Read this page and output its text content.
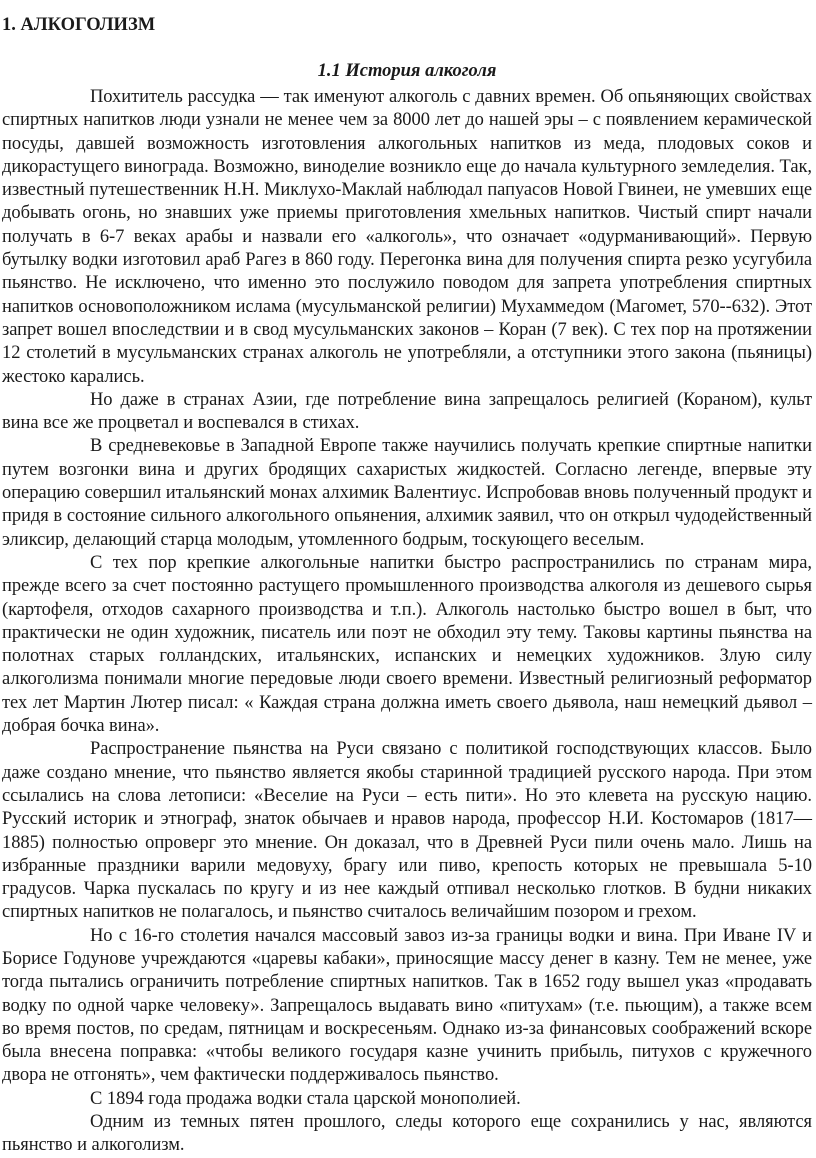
1. АЛКОГОЛИЗМ
1.1 История алкоголя

Похититель рассудка — так именуют алкоголь с давних времен. Об опьяняющих свойствах спиртных напитков люди узнали не менее чем за 8000 лет до нашей эры – с появлением керамической посуды, давшей возможность изготовления алкогольных напитков из меда, плодовых соков и дикорастущего винограда. Возможно, виноделие возникло еще до начала культурного земледелия. Так, известный путешественник Н.Н. Миклухо-Маклай наблюдал папуасов Новой Гвинеи, не умевших еще добывать огонь, но знавших уже приемы приготовления хмельных напитков. Чистый спирт начали получать в 6-7 веках арабы и назвали его «алкоголь», что означает «одурманивающий». Первую бутылку водки изготовил араб Рагез в 860 году. Перегонка вина для получения спирта резко усугубила пьянство. Не исключено, что именно это послужило поводом для запрета употребления спиртных напитков основоположником ислама (мусульманской религии) Мухаммедом (Магомет, 570--632). Этот запрет вошел впоследствии и в свод мусульманских законов – Коран (7 век). С тех пор на протяжении 12 столетий в мусульманских странах алкоголь не употребляли, а отступники этого закона (пьяницы) жестоко карались.

Но даже в странах Азии, где потребление вина запрещалось религией (Кораном), культ вина все же процветал и воспевался в стихах.

В средневековье в Западной Европе также научились получать крепкие спиртные напитки путем возгонки вина и других бродящих сахаристых жидкостей. Согласно легенде, впервые эту операцию совершил итальянский монах алхимик Валентиус. Испробовав вновь полученный продукт и придя в состояние сильного алкогольного опьянения, алхимик заявил, что он открыл чудодейственный эликсир, делающий старца молодым, утомленного бодрым, тоскующего веселым.

С тех пор крепкие алкогольные напитки быстро распространились по странам мира, прежде всего за счет постоянно растущего промышленного производства алкоголя из дешевого сырья (картофеля, отходов сахарного производства и т.п.). Алкоголь настолько быстро вошел в быт, что практически не один художник, писатель или поэт не обходил эту тему. Таковы картины пьянства на полотнах старых голландских, итальянских, испанских и немецких художников. Злую силу алкоголизма понимали многие передовые люди своего времени. Известный религиозный реформатор тех лет Мартин Лютер писал: « Каждая страна должна иметь своего дьявола, наш немецкий дьявол – добрая бочка вина».

Распространение пьянства на Руси связано с политикой господствующих классов. Было даже создано мнение, что пьянство является якобы старинной традицией русского народа. При этом ссылались на слова летописи: «Веселие на Руси – есть пити». Но это клевета на русскую нацию. Русский историк и этнограф, знаток обычаев и нравов народа, профессор Н.И. Костомаров (1817—1885) полностью опроверг это мнение. Он доказал, что в Древней Руси пили очень мало. Лишь на избранные праздники варили медовуху, брагу или пиво, крепость которых не превышала 5-10 градусов. Чарка пускалась по кругу и из нее каждый отпивал несколько глотков. В будни никаких спиртных напитков не полагалось, и пьянство считалось величайшим позором и грехом.

Но с 16-го столетия начался массовый завоз из-за границы водки и вина. При Иване IV и Борисе Годунове учреждаются «царевы кабаки», приносящие массу денег в казну. Тем не менее, уже тогда пытались ограничить потребление спиртных напитков. Так в 1652 году вышел указ «продавать водку по одной чарке человеку». Запрещалось выдавать вино «питухам» (т.е. пьющим), а также всем во время постов, по средам, пятницам и воскресеньям. Однако из-за финансовых соображений вскоре была внесена поправка: «чтобы великого государя казне учинить прибыль, питухов с кружечного двора не отгонять», чем фактически поддерживалось пьянство.

С 1894 года продажа водки стала царской монополией.

Одним из темных пятен прошлого, следы которого еще сохранились у нас, являются пьянство и алкоголизм.
